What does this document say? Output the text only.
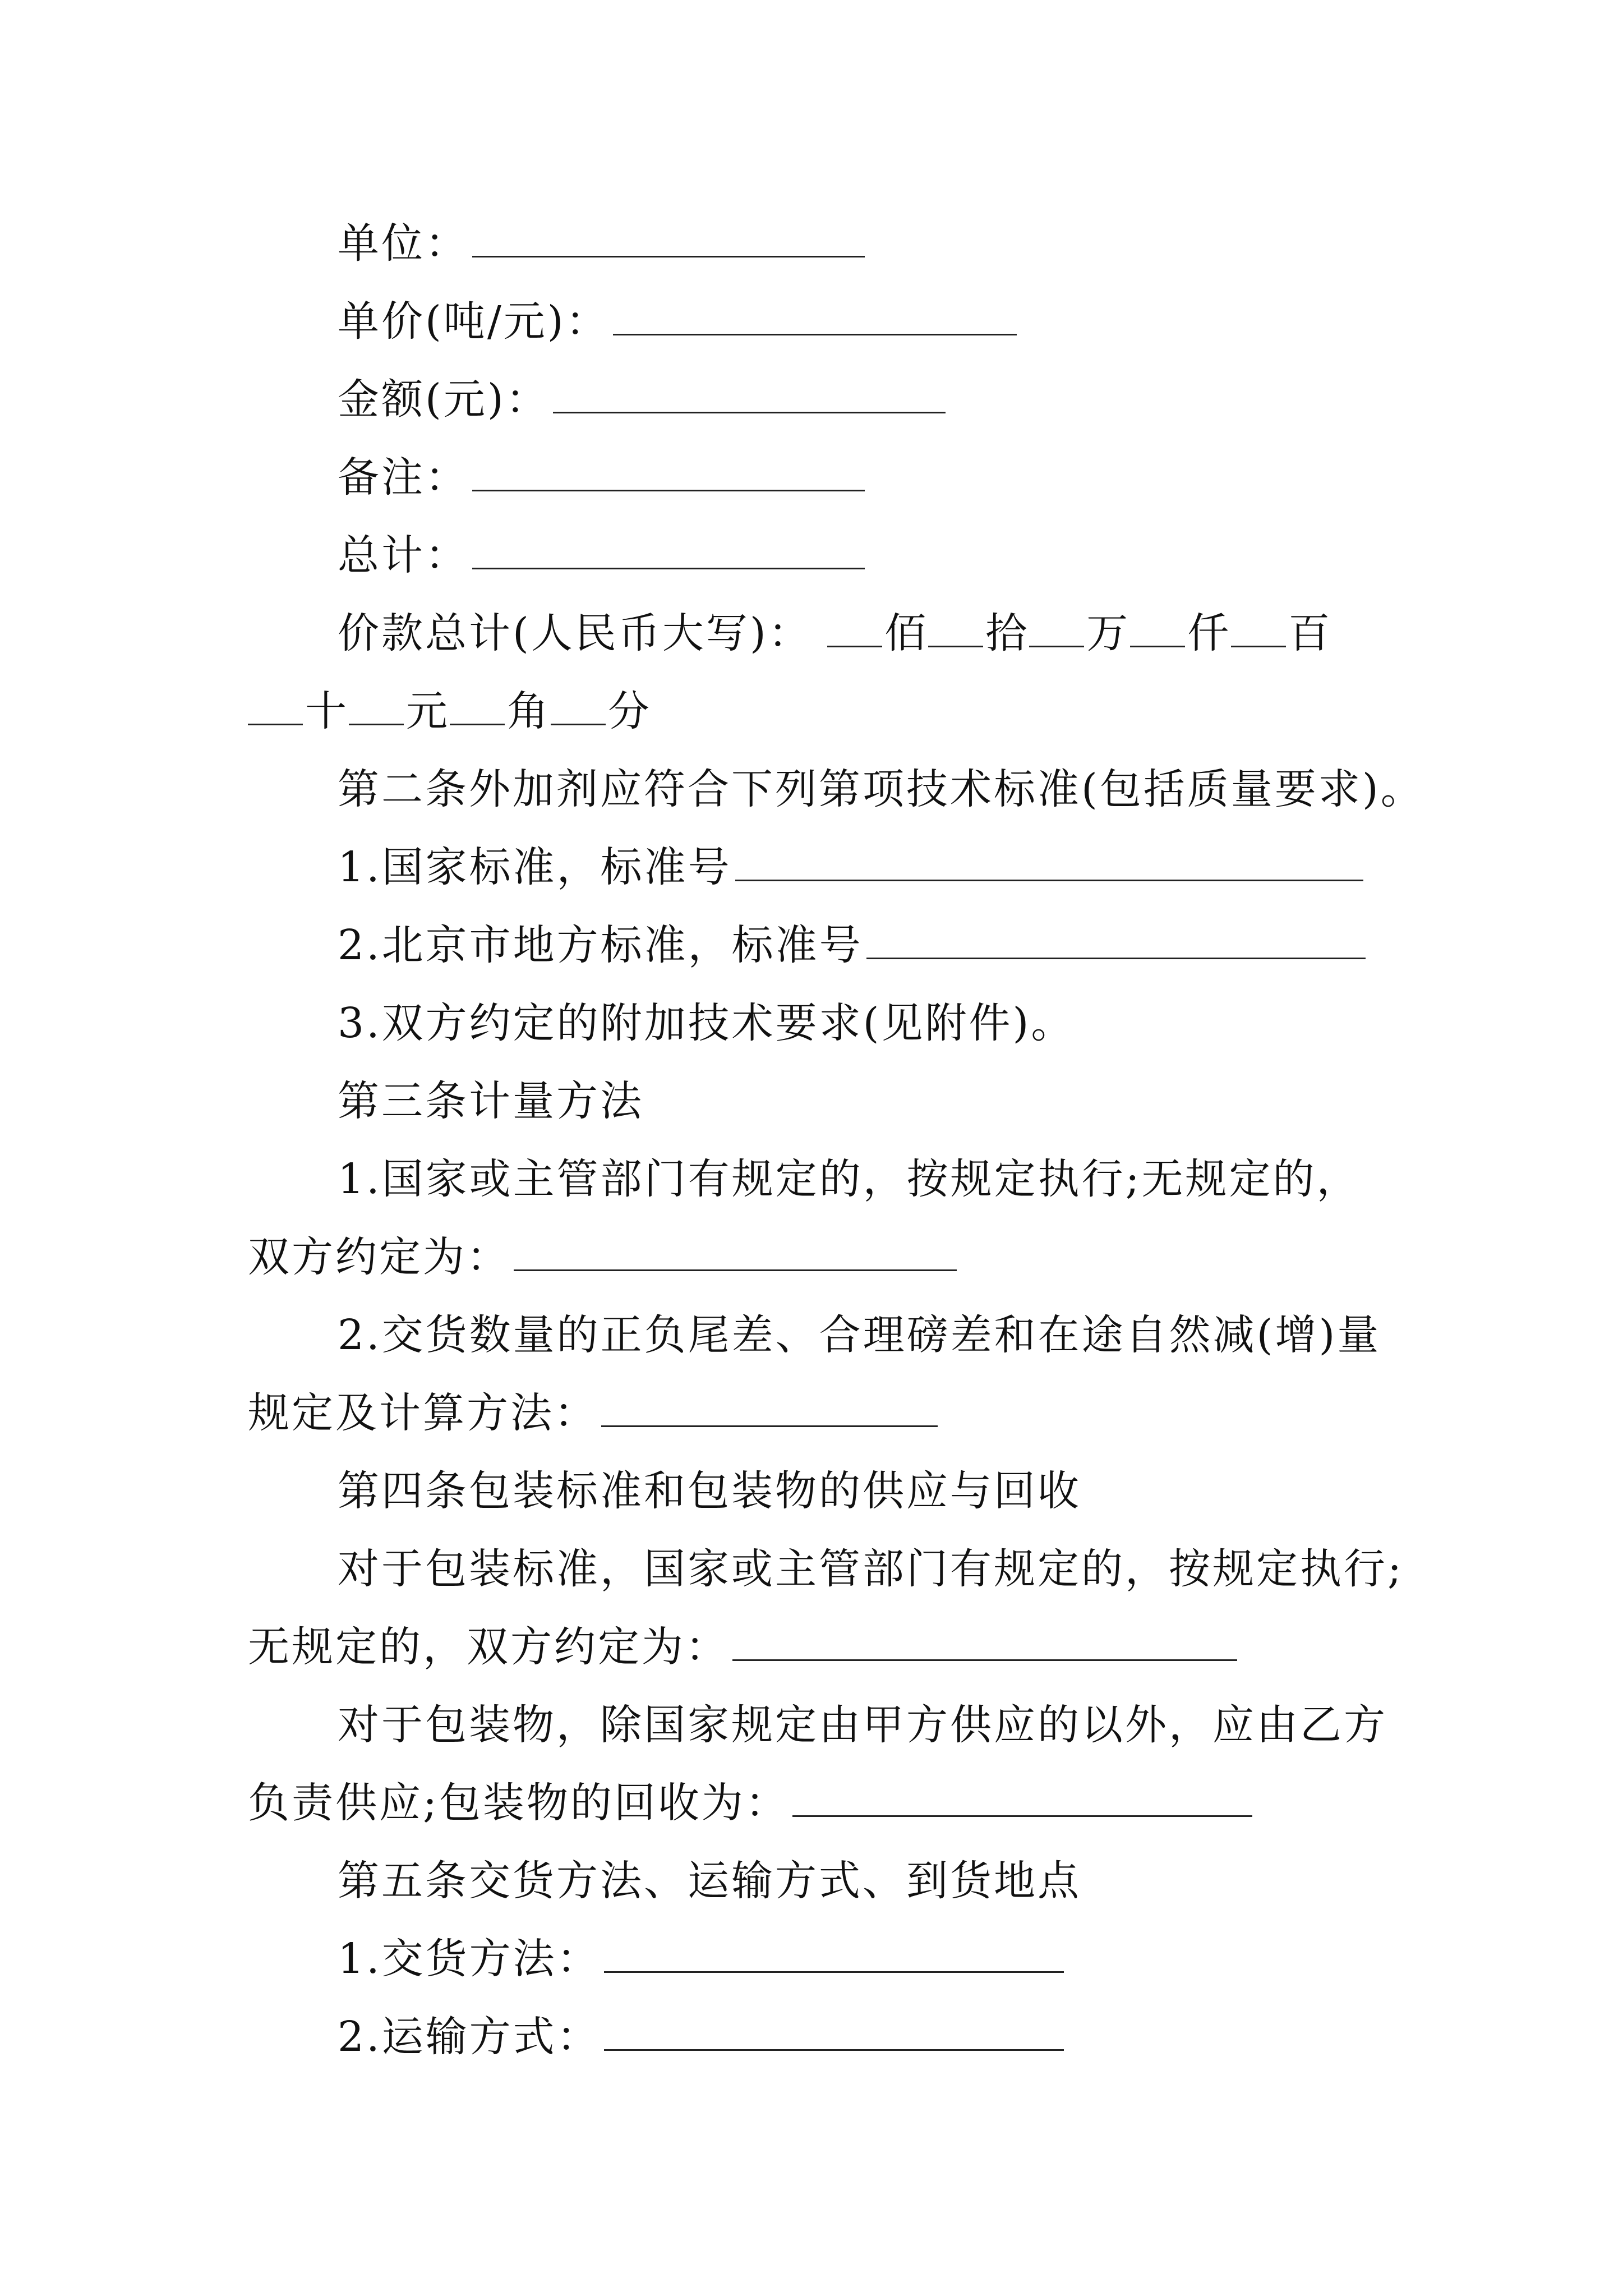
单位：
单价(吨/元)：
金额(元)：
备注：
总计：
价款总计(人民币大写)： 佰 拾 万 仟 百
十 元 角 分
第二条外加剂应符合下列第项技术标准(包括质量要求)。
1.国家标准，标准号
2.北京市地方标准，标准号
3.双方约定的附加技术要求(见附件)。
第三条计量方法
1.国家或主管部门有规定的，按规定执行;无规定的，
双方约定为：
2.交货数量的正负尾差、合理磅差和在途自然减(增)量
规定及计算方法：
第四条包装标准和包装物的供应与回收
对于包装标准，国家或主管部门有规定的，按规定执行;
无规定的，双方约定为：
对于包装物，除国家规定由甲方供应的以外，应由乙方
负责供应;包装物的回收为：
第五条交货方法、运输方式、到货地点
1.交货方法：
2.运输方式：
